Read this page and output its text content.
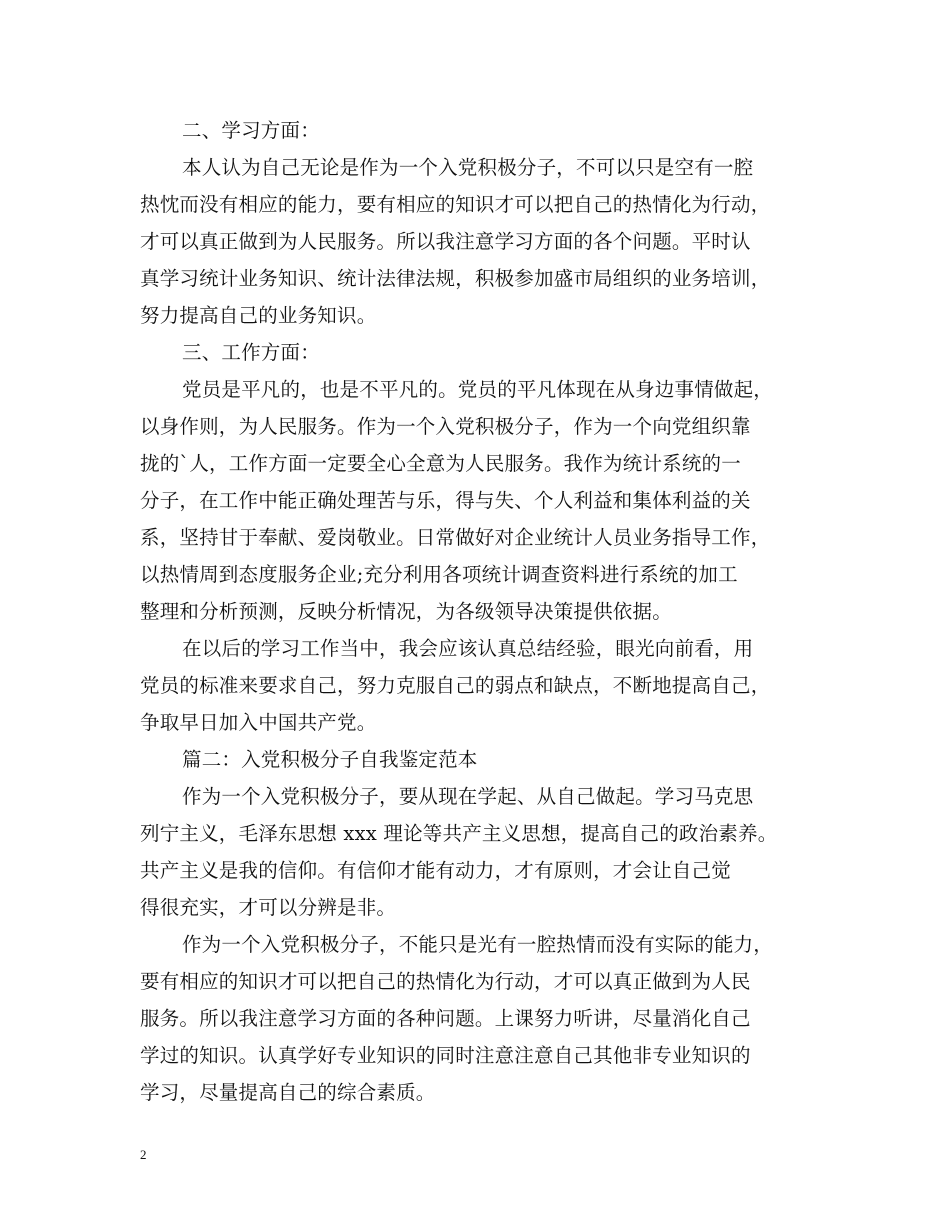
二、学习方面：
本人认为自己无论是作为一个入党积极分子，不可以只是空有一腔
热忱而没有相应的能力，要有相应的知识才可以把自己的热情化为行动，
才可以真正做到为人民服务。所以我注意学习方面的各个问题。平时认
真学习统计业务知识、统计法律法规，积极参加盛市局组织的业务培训，
努力提高自己的业务知识。
三、工作方面：
党员是平凡的，也是不平凡的。党员的平凡体现在从身边事情做起，
以身作则，为人民服务。作为一个入党积极分子，作为一个向党组织靠
拢的`人，工作方面一定要全心全意为人民服务。我作为统计系统的一
分子，在工作中能正确处理苦与乐，得与失、个人利益和集体利益的关
系，坚持甘于奉献、爱岗敬业。日常做好对企业统计人员业务指导工作，
以热情周到态度服务企业;充分利用各项统计调查资料进行系统的加工
整理和分析预测，反映分析情况，为各级领导决策提供依据。
在以后的学习工作当中，我会应该认真总结经验，眼光向前看，用
党员的标准来要求自己，努力克服自己的弱点和缺点，不断地提高自己，
争取早日加入中国共产党。
篇二：入党积极分子自我鉴定范本
作为一个入党积极分子，要从现在学起、从自己做起。学习马克思
列宁主义，毛泽东思想 xxx 理论等共产主义思想，提高自己的政治素养。
共产主义是我的信仰。有信仰才能有动力，才有原则，才会让自己觉
得很充实，才可以分辨是非。
作为一个入党积极分子，不能只是光有一腔热情而没有实际的能力，
要有相应的知识才可以把自己的热情化为行动，才可以真正做到为人民
服务。所以我注意学习方面的各种问题。上课努力听讲，尽量消化自己
学过的知识。认真学好专业知识的同时注意注意自己其他非专业知识的
学习，尽量提高自己的综合素质。
2
